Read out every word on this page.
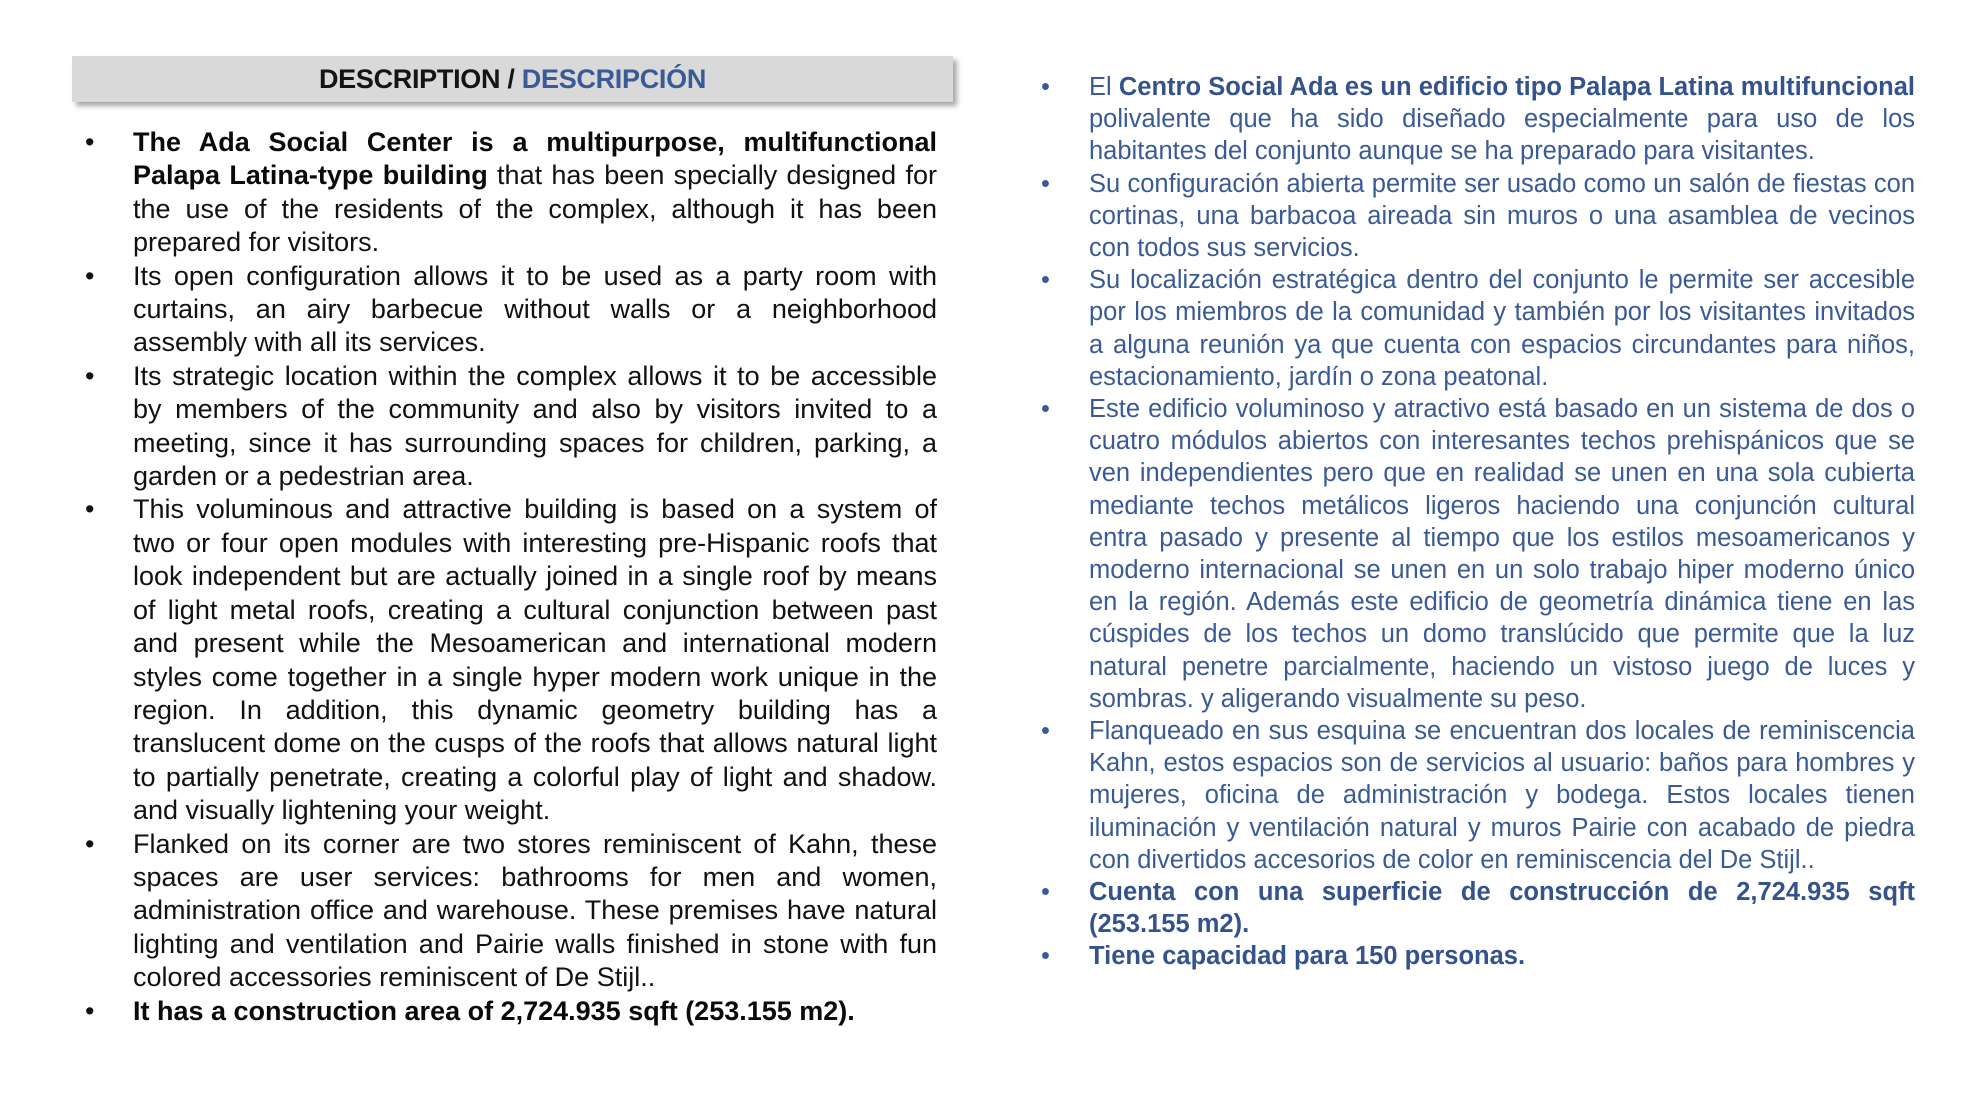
DESCRIPTION / DESCRIPCIÓN
• The Ada Social Center is a multipurpose, multifunctional Palapa Latina-type building that has been specially designed for the use of the residents of the complex, although it has been prepared for visitors.
• Its open configuration allows it to be used as a party room with curtains, an airy barbecue without walls or a neighborhood assembly with all its services.
• Its strategic location within the complex allows it to be accessible by members of the community and also by visitors invited to a meeting, since it has surrounding spaces for children, parking, a garden or a pedestrian area.
• This voluminous and attractive building is based on a system of two or four open modules with interesting pre-Hispanic roofs that look independent but are actually joined in a single roof by means of light metal roofs, creating a cultural conjunction between past and present while the Mesoamerican and international modern styles come together in a single hyper modern work unique in the region. In addition, this dynamic geometry building has a translucent dome on the cusps of the roofs that allows natural light to partially penetrate, creating a colorful play of light and shadow. and visually lightening your weight.
• Flanked on its corner are two stores reminiscent of Kahn, these spaces are user services: bathrooms for men and women, administration office and warehouse. These premises have natural lighting and ventilation and Pairie walls finished in stone with fun colored accessories reminiscent of De Stijl..
• It has a construction area of 2,724.935 sqft (253.155 m2).
• El Centro Social Ada es un edificio tipo Palapa Latina multifuncional polivalente que ha sido diseñado especialmente para uso de los habitantes del conjunto aunque se ha preparado para visitantes.
• Su configuración abierta permite ser usado como un salón de fiestas con cortinas, una barbacoa aireada sin muros o una asamblea de vecinos con todos sus servicios.
• Su localización estratégica dentro del conjunto le permite ser accesible por los miembros de la comunidad y también por los visitantes invitados a alguna reunión ya que cuenta con espacios circundantes para niños, estacionamiento, jardín o zona peatonal.
• Este edificio voluminoso y atractivo está basado en un sistema de dos o cuatro módulos abiertos con interesantes techos prehispánicos que se ven independientes pero que en realidad se unen en una sola cubierta mediante techos metálicos ligeros haciendo una conjunción cultural entra pasado y presente al tiempo que los estilos mesoamericanos y moderno internacional se unen en un solo trabajo hiper moderno único en la región. Además este edificio de geometría dinámica tiene en las cúspides de los techos un domo translúcido que permite que la luz natural penetre parcialmente, haciendo un vistoso juego de luces y sombras. y aligerando visualmente su peso.
• Flanqueado en sus esquina se encuentran dos locales de reminiscencia Kahn, estos espacios son de servicios al usuario: baños para hombres y mujeres, oficina de administración y bodega. Estos locales tienen iluminación y ventilación natural y muros Pairie con acabado de piedra con divertidos accesorios de color en reminiscencia del De Stijl..
• Cuenta con una superficie de construcción de 2,724.935 sqft (253.155 m2).
• Tiene capacidad para 150 personas.
